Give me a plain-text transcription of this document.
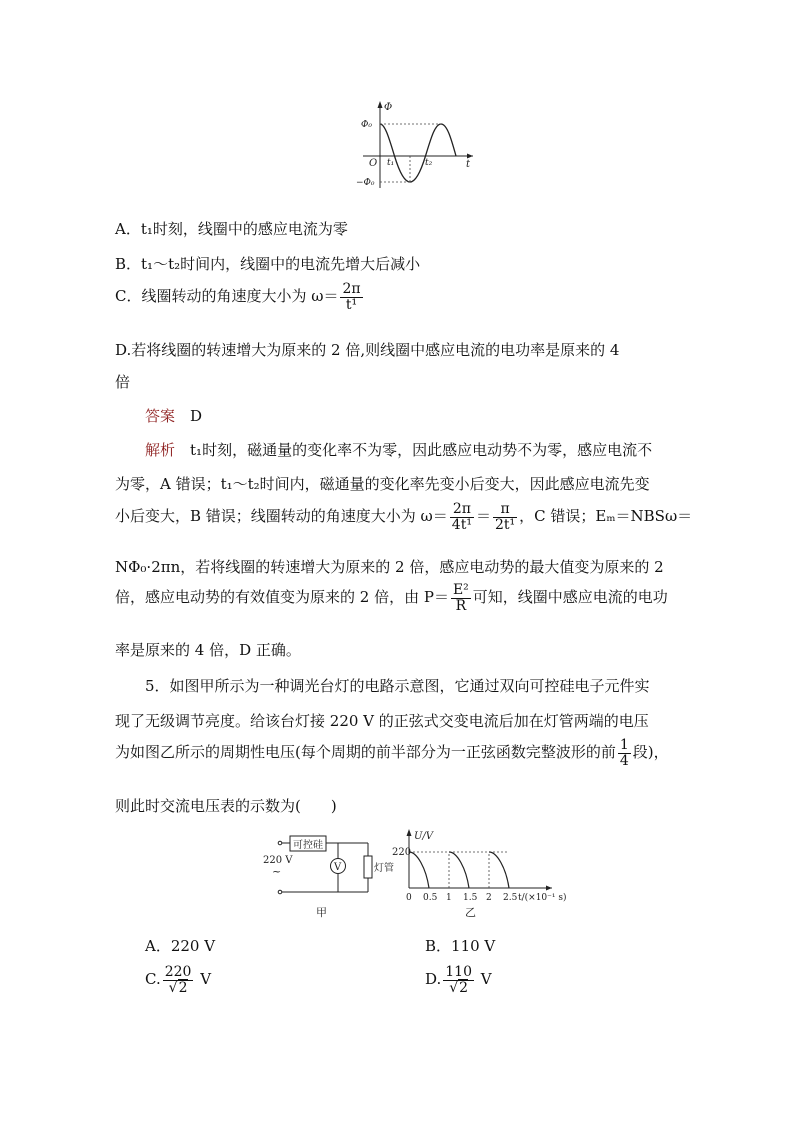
Φ
t
O
Φ₀
−Φ₀
t₁	t₂
A．t₁时刻，线圈中的感应电流为零
B．t₁～t₂时间内，线圈中的电流先增大后减小
C．线圈转动的角速度大小为 $\omega= \frac{2\pi}{\text{t¹}}$
D.若将线圈的转速增大为原来的 2 倍,则线圈中感应电流的电功率是原来的 4
倍
答案　 D
解析　 t₁时刻，磁通量的变化率不为零，因此感应电动势不为零，感应电流不
为零，A 错误；t₁～t₂时间内，磁通量的变化率先变小后变大，因此感应电流先变
小后变大，B 错误；线圈转动的角速度大小为 $\omega= \frac{2\pi}{\text{4t¹}} = \frac{\pi}{\text{2t¹}}$ ，C 错误；Eₘ＝NBSω＝
NΦ₀·2πn，若将线圈的转速增大为原来的 2 倍，感应电动势的最大值变为原来的 2
倍，感应电动势的有效值变为原来的 2 倍，由 $P= \frac{\text{E²}}{R}$ 可知，线圈中感应电流的电功
率是原来的 4 倍，D 正确。
5．如图甲所示为一种调光台灯的电路示意图，它通过双向可控硅电子元件实
现了无级调节亮度。给该台灯接 220 V 的正弦式交变电流后加在灯管两端的电压
为如图乙所示的周期性电压(每个周期的前半部分为一正弦函数完整波形的前 $\frac{1}{4}$ 段)，
则此时交流电压表的示数为(　　)
可控硅
V
220 V
~	灯管
甲
U/V
220
0 0.5 1 1.5 2 2.5 t/(×10⁻¹ s)
乙
A．220 V	B．110 V
C. $\frac{220}{√2}$ V	D. $\frac{110}{√2}$ V
